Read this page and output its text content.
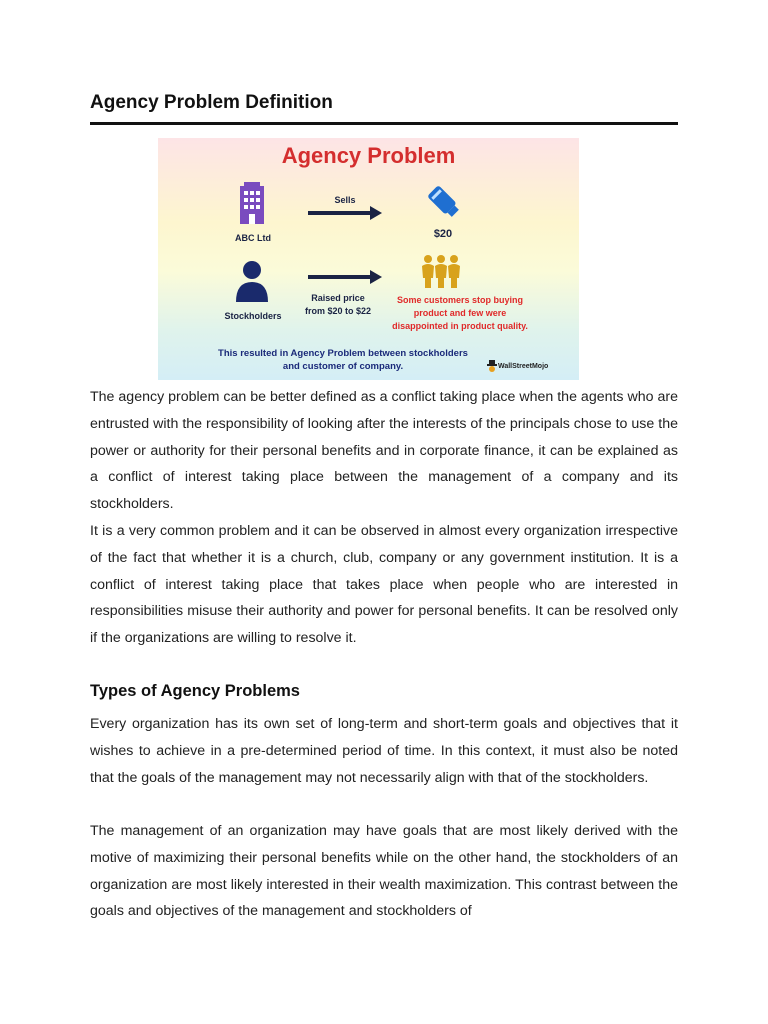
Agency Problem Definition
Agency Problem
ABC Ltd
Sells
$20
Stockholders
Raised price
from $20 to $22
Some customers stop buying
product and few were
disappointed in product quality.
This resulted in Agency Problem between stockholders
and customer of company.	WallStreetMojo
The agency problem can be better defined as a conflict taking place when the agents who are entrusted with the responsibility of looking after the interests of the principals chose to use the power or authority for their personal benefits and in corporate finance, it can be explained as a conflict of interest taking place between the management of a company and its stockholders.
It is a very common problem and it can be observed in almost every organization irrespective of the fact that whether it is a church, club, company or any government institution. It is a conflict of interest taking place that takes place when people who are interested in responsibilities misuse their authority and power for personal benefits. It can be resolved only if the organizations are willing to resolve it.
Types of Agency Problems
Every organization has its own set of long-term and short-term goals and objectives that it wishes to achieve in a pre-determined period of time. In this context, it must also be noted that the goals of the management may not necessarily align with that of the stockholders.
The management of an organization may have goals that are most likely derived with the motive of maximizing their personal benefits while on the other hand, the stockholders of an organization are most likely interested in their wealth maximization. This contrast between the goals and objectives of the management and stockholders of
